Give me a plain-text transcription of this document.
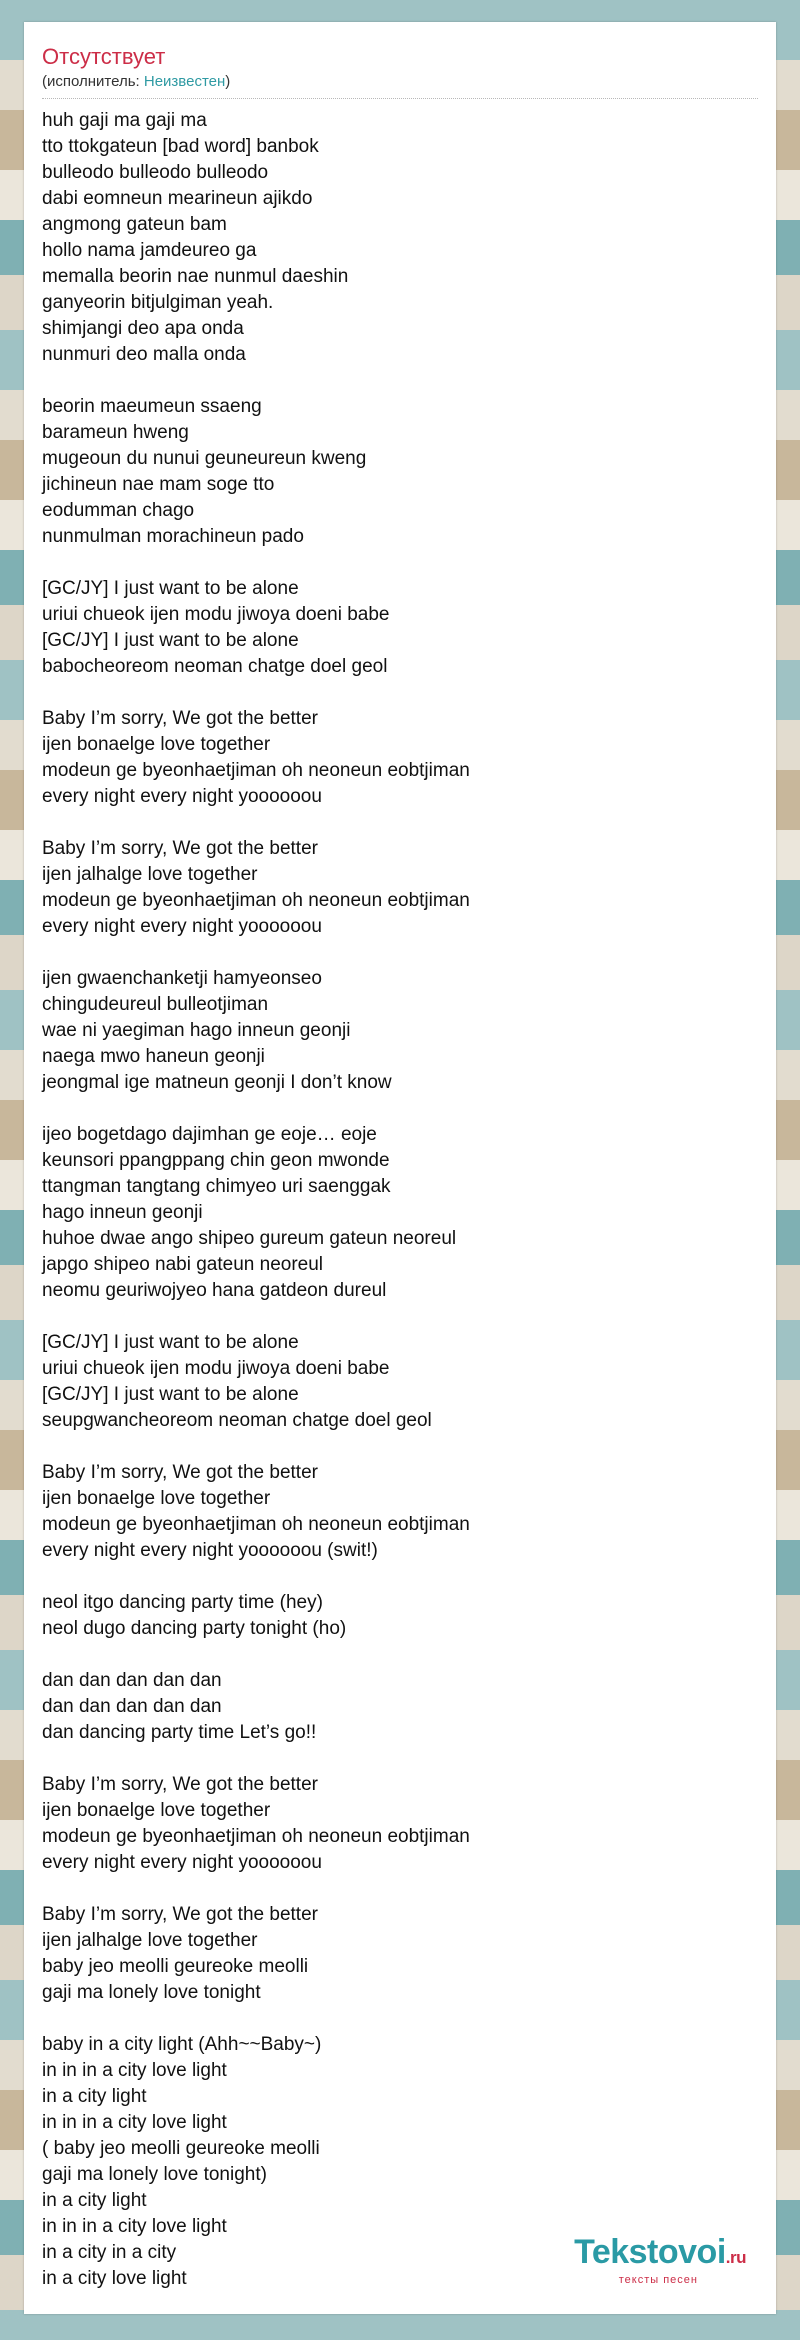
Отсутствует
(исполнитель: Неизвестен)
huh gaji ma gaji ma
tto ttokgateun [bad word] banbok
bulleodo bulleodo bulleodo
dabi eomneun mearineun ajikdo
angmong gateun bam
hollo nama jamdeureo ga
memalla beorin nae nunmul daeshin
ganyeorin bitjulgiman yeah.
shimjangi deo apa onda
nunmuri deo malla onda
beorin maeumeun ssaeng
barameun hweng
mugeoun du nunui geuneureun kweng
jichineun nae mam soge tto
eodumman chago
nunmulman morachineun pado
[GC/JY] I just want to be alone
uriui chueok ijen modu jiwoya doeni babe
[GC/JY] I just want to be alone
babocheoreom neoman chatge doel geol
Baby I’m sorry, We got the better
ijen bonaelge love together
modeun ge byeonhaetjiman oh neoneun eobtjiman
every night every night yoooooou
Baby I’m sorry, We got the better
ijen jalhalge love together
modeun ge byeonhaetjiman oh neoneun eobtjiman
every night every night yoooooou
ijen gwaenchanketji hamyeonseo
chingudeureul bulleotjiman
wae ni yaegiman hago inneun geonji
naega mwo haneun geonji
jeongmal ige matneun geonji I don’t know
ijeo bogetdago dajimhan ge eoje… eoje
keunsori ppangppang chin geon mwonde
ttangman tangtang chimyeo uri saenggak
hago inneun geonji
huhoe dwae ango shipeo gureum gateun neoreul
japgo shipeo nabi gateun neoreul
neomu geuriwojyeo hana gatdeon dureul
[GC/JY] I just want to be alone
uriui chueok ijen modu jiwoya doeni babe
[GC/JY] I just want to be alone
seupgwancheoreom neoman chatge doel geol
Baby I’m sorry, We got the better
ijen bonaelge love together
modeun ge byeonhaetjiman oh neoneun eobtjiman
every night every night yoooooou (swit!)
neol itgo dancing party time (hey)
neol dugo dancing party tonight (ho)
dan dan dan dan dan
dan dan dan dan dan
dan dancing party time Let’s go!!
Baby I’m sorry, We got the better
ijen bonaelge love together
modeun ge byeonhaetjiman oh neoneun eobtjiman
every night every night yoooooou
Baby I’m sorry, We got the better
ijen jalhalge love together
baby jeo meolli geureoke meolli
gaji ma lonely love tonight
baby in a city light (Ahh~~Baby~)
in in in a city love light
in a city light
in in in a city love light
( baby jeo meolli geureoke meolli
gaji ma lonely love tonight)
in a city light
in in in a city love light
in a city in a city
in a city love light
Tekstovoi.ru
тексты песен
